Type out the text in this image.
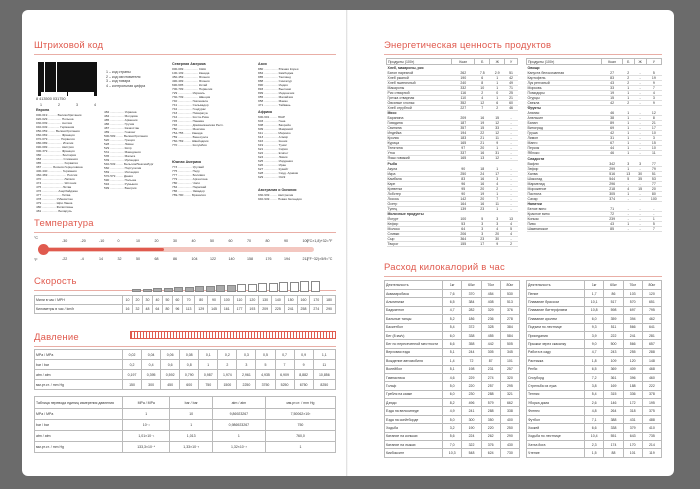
Штриховой код
8 413500 031750
1	2	3	4
1 – код страны
2 – код изготовителя
3 – код товара
4 – контрольная цифра
Европа
000-019 .......... Великобритания
020-029 ............... Польша
030-039 ............... Англия
040-049 ............. Германия
050-059 ........ Великобритания
060-069 ............... Франция
070-079 .............. Норвегия
080-089 ................ Италия
090-099 ............... Австрия
300-379 ............... Франция
380 ....................... Болгария
383 ........................ Словения
385 ......................... Хорватия
387 ............ Босния-Герцеговина
400-440 ................ Германия
460-469 ..................... Россия
470 ......................... Латвия
474 ......................... Эстония
475 ....................... Литва
476 .................. Азербайджан
477 ...................... Литва
478 ................ Узбекистан
479 ................ Шри Ланка
480 ................ Филиппины
481 .................. Беларусь
482 ................ Украина
484 ................ Молдова
485 ................ Армения
486 ................ Грузия
487 ................ Казахстан
489 ................ Гонконг
500-509 ........ Великобритания
520 ................ Греция
528 ................ Ливан
529 ................ Кипр
531 ................ Македония
535 ................ Мальта
539 ................ Ирландия
540-549 ........ Бельгия/Люксембург
560 ................ Португалия
569 ................ Исландия
570-579 ........ Дания
590 ................ Польша
594 ................ Румыния
599 ................ Венгрия
Северная Америка
000-099 ................ США
100-139 ................ Канада
450-459 ................ Япония
490-499 ................ Япония
690-695 ................ Китай
700-709 ................ Норвегия
729 ................ Израиль
730-739 ................ Швеция
740 ................ Гватемала
741 ................ Сальвадор
742 ................ Гондурас
743 ................ Никарагуа
744 ................ Коста-Рика
745 ................ Панама
746 ................ Доминиканская Респ.
750 ................ Мексика
754-755 ........ Канада
759 ................ Венесуэла
760-769 ........ Швейцария
770 ................ Колумбия
Южная Америка
773 ................ Уругвай
775 ................ Перу
777 ................ Боливия
779 ................ Аргентина
780 ................ Чили
784 ................ Парагвай
786 ................ Эквадор
789-790 ........ Бразилия
Азия
880 ................ Южная Корея
884 ................ Камбоджа
885 ................ Таиланд
888 ................ Сингапур
890 ................ Индия
893 ................ Вьетнам
899 ................ Индонезия
955 ................ Малайзия
958 ................ Макао
471 ................ Тайвань
Африка
600-601 ........ ЮАР
603 ................ Гана
608 ................ Бахрейн
609 ................ Маврикий
611 ................ Марокко
613 ................ Алжир
616 ................ Кения
619 ................ Тунис
621 ................ Сирия
622 ................ Египет
624 ................ Ливия
625 ................ Иордания
626 ................ Иран
627 ................ Кувейт
628 ................ Сауд. Аравия
629 ................ ОАЭ
Австралия и Океания
930-939 ........ Австралия
940-949 ........ Новая Зеландия
Температура
°C
°F
-30
-22
-20
-4
-10
14
0
32
10
50
20
68
30
86
40
104
50
122
60
140
70
158
80
176
90
194
100
212
(°C×1,8)+32=°F
(°F−32)×5/9=°C
Скорость
Мили в час / MPH	10	20	30	40	50	60	70	80	90	100	110	120	130	140	150	160	170	180
Километры в час / km/h	16	32	48	64	80	96	113	129	145	161	177	193	209	225	241	258	274	290
Давление
MPa / MPa	0,02	0,04	0,06	0,08	0,1	0,2	0,3	0,5	0,7	0,9	1,1
bar / bar	0,2	0,4	0,6	0,8	1	2	3	5	7	9	11
atm / atm	0,197	0,395	0,592	0,790	0,987	1,974	2,961	4,935	6,909	8,882	10,856
мм.рт.ст. / mm Hg	150	300	450	600	750	1500	2250	3750	5250	6750	8250
Таблица перевода единиц измерения давления	MPa / MPa	bar / bar	atm / atm	мм.рт.ст. / mm Hg
MPa / MPa	1	10	9,86923267	7,50062×10³
bar / bar	10⁻¹	1	0,986923267	750
atm / atm	1,01×10⁻¹	1,013	1	760,0
мм.рт.ст. / mm Hg	133,3×10⁻⁶	1,33×10⁻³	1,32×10⁻³	1
Энергетическая ценность продуктов
Продукты (100г)	Ккал	Б	Ж	У
Хлеб, макароны, рис				
Батон нарезной	262	7.5	2.9	51
Хлеб ржаной	190	6	1	42
Хлеб пшеничный	240	8	1	49
Макароны	332	10	1	71
Рис отварной	116	2	0	25
Гречка отварная	110	4	1	21
Овсяные хлопья	352	12	6	60
Хлеб отрубной	227	7	2	46
Мясо				
Баранина	209	16	15	-
Говядина	187	19	12	-
Свинина	357	15	33	-
Индейка	194	22	12	-
Кролик	183	21	11	-
Курица	165	21	9	-
Телятина	97	20	1	-
Утка	337	16	31	-
Язык говяжий	165	13	12	-
Рыба				
Акула	90	18	1	-
Икра	250	24	17	-
Камбала	83	16	3	-
Карп	96	16	4	-
Креветки	95	20	2	-
Лобстер	90	19	1	-
Лосось	142	20	7	-
Осетр	164	16	11	-
Тунец	139	23	1	-
Молочные продукты				
Йогурт	100	5	3	13
Кефир	53	3	3	4
Молоко	64	3	4	5
Сливки	206	3	20	4
Сыр	364	23	30	-
Творог	155	17	9	2
Продукты (100г)	Ккал	Б	Ж	У
Овощи				
Капуста белокочанная	27	2	-	5
Картофель	83	2	-	19
Лук репчатый	43	2	-	9
Морковь	33	1	-	7
Помидоры	19	1	-	4
Огурцы	15	1	-	3
Свекла	42	2	-	9
Фрукты				
Ананас	46	1	-	12
Апельсин	38	1	-	8
Банан	89	1	-	21
Виноград	69	1	-	17
Груша	42	1	-	10
Лимон	31	1	-	3
Манго	67	1	-	15
Персик	44	1	-	10
Яблоко	46	1	-	11
Сладости				
Вафли	342	3	3	77
Зефир	299	1	-	79
Халва	516	13	30	51
Шоколад	544	5	35	53
Мармелад	296	-	-	77
Мороженое	218	4	15	20
Пастила	305	1	-	80
Сахар	374	-	-	100
Напитки				
Белое вино	71	-	-	-
Красное вино	72	-	-	-
Коньяк	239	-	-	1
Пиво	43	1	-	5
Шампанское	85	-	-	7
Расход килокалорий в час
Деятельность	1кг	60кг	70кг	80кг
Аквааэробика	7,6	370	454	530
Альпинизм	6,5	384	408	513
Бадминтон	4,7	282	329	376
Бальные танцы	5,2	186	236	278
Баскетбол	5,4	372	328	384
Бег (8 км/ч)	6,0	338	455	584
Бег по пересеченной местности	6,6	358	442	505
Верховая езда	5,1	244	305	345
Вождение автомобиля	1,4	72	87	101
Волейбол	5,1	198	231	257
Гимнастика	4,6	229	274	320
Гольф	5,0	220	257	295
Гребля на каяке	6,0	230	288	321
Дзюдо	8,2	496	579	662
Езда на велосипеде	4,9	241	288	338
Езда на скейтборде	5,0	300	350	400
Ходьба	3,2	190	220	250
Катание на коньках	5,6	224	262	290
Катание на лыжах	7,0	322	376	430
Кикбоксинг	10,3	548	624	730
Деятельность	1кг	60кг	70кг	80кг
Пение	1,7	86	103	120
Плавание брассом	10,1	517	570	651
Плавание баттерфляем	10,8	598	697	795
Плавание кролем	6,0	359	394	462
Подъем по лестнице	9,3	511	566	641
Приседания	3,9	222	241	281
Прыжки через скакалку	9,0	500	566	657
Работа в саду	4,7	243	255	288
Растяжка	1,8	109	120	148
Регби	6,5	369	409	468
Сноуборд	7,2	361	396	460
Стрельба из лука	3,8	169	188	222
Теннис	5,4	315	336	378
Уборка дома	2,6	146	172	195
Фитнес	4,8	264	318	375
Футбол	7,1	388	431	488
Хоккей	6,6	338	379	410
Ходьба по лестнице	10,4	551	643	735
Хатха йога	2,3	174	170	214
Чтение	1,5	88	101	119
